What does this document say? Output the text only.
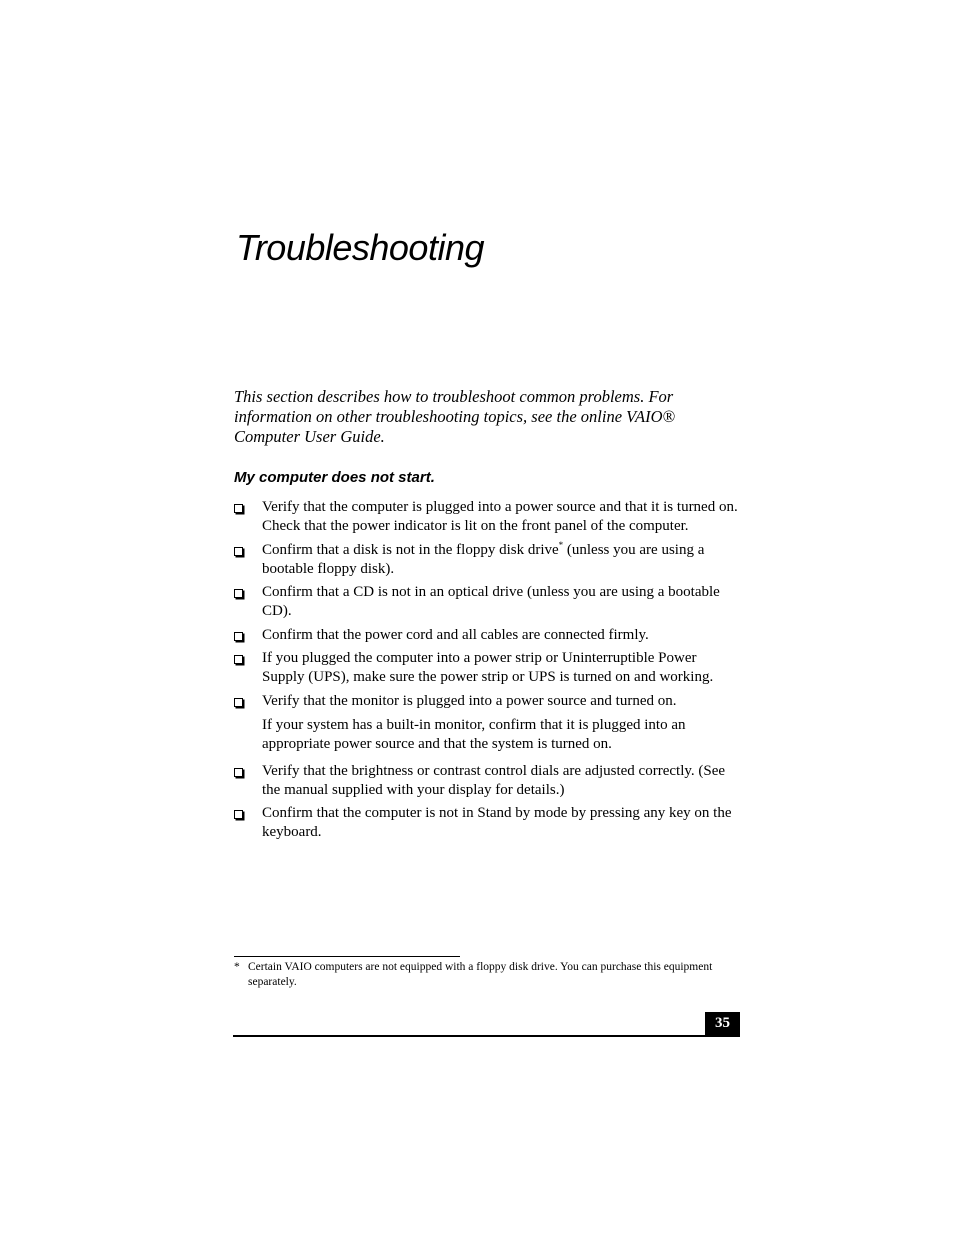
Troubleshooting

This section describes how to troubleshoot common problems. For information on other troubleshooting topics, see the online VAIO® Computer User Guide.

My computer does not start.

Verify that the computer is plugged into a power source and that it is turned on. Check that the power indicator is lit on the front panel of the computer.

Confirm that a disk is not in the floppy disk drive* (unless you are using a bootable floppy disk).

Confirm that a CD is not in an optical drive (unless you are using a bootable CD).

Confirm that the power cord and all cables are connected firmly.

If you plugged the computer into a power strip or Uninterruptible Power Supply (UPS), make sure the power strip or UPS is turned on and working.

Verify that the monitor is plugged into a power source and turned on.

If your system has a built-in monitor, confirm that it is plugged into an appropriate power source and that the system is turned on.

Verify that the brightness or contrast control dials are adjusted correctly. (See the manual supplied with your display for details.)

Confirm that the computer is not in Stand by mode by pressing any key on the keyboard.

* Certain VAIO computers are not equipped with a floppy disk drive. You can purchase this equipment separately.
35
